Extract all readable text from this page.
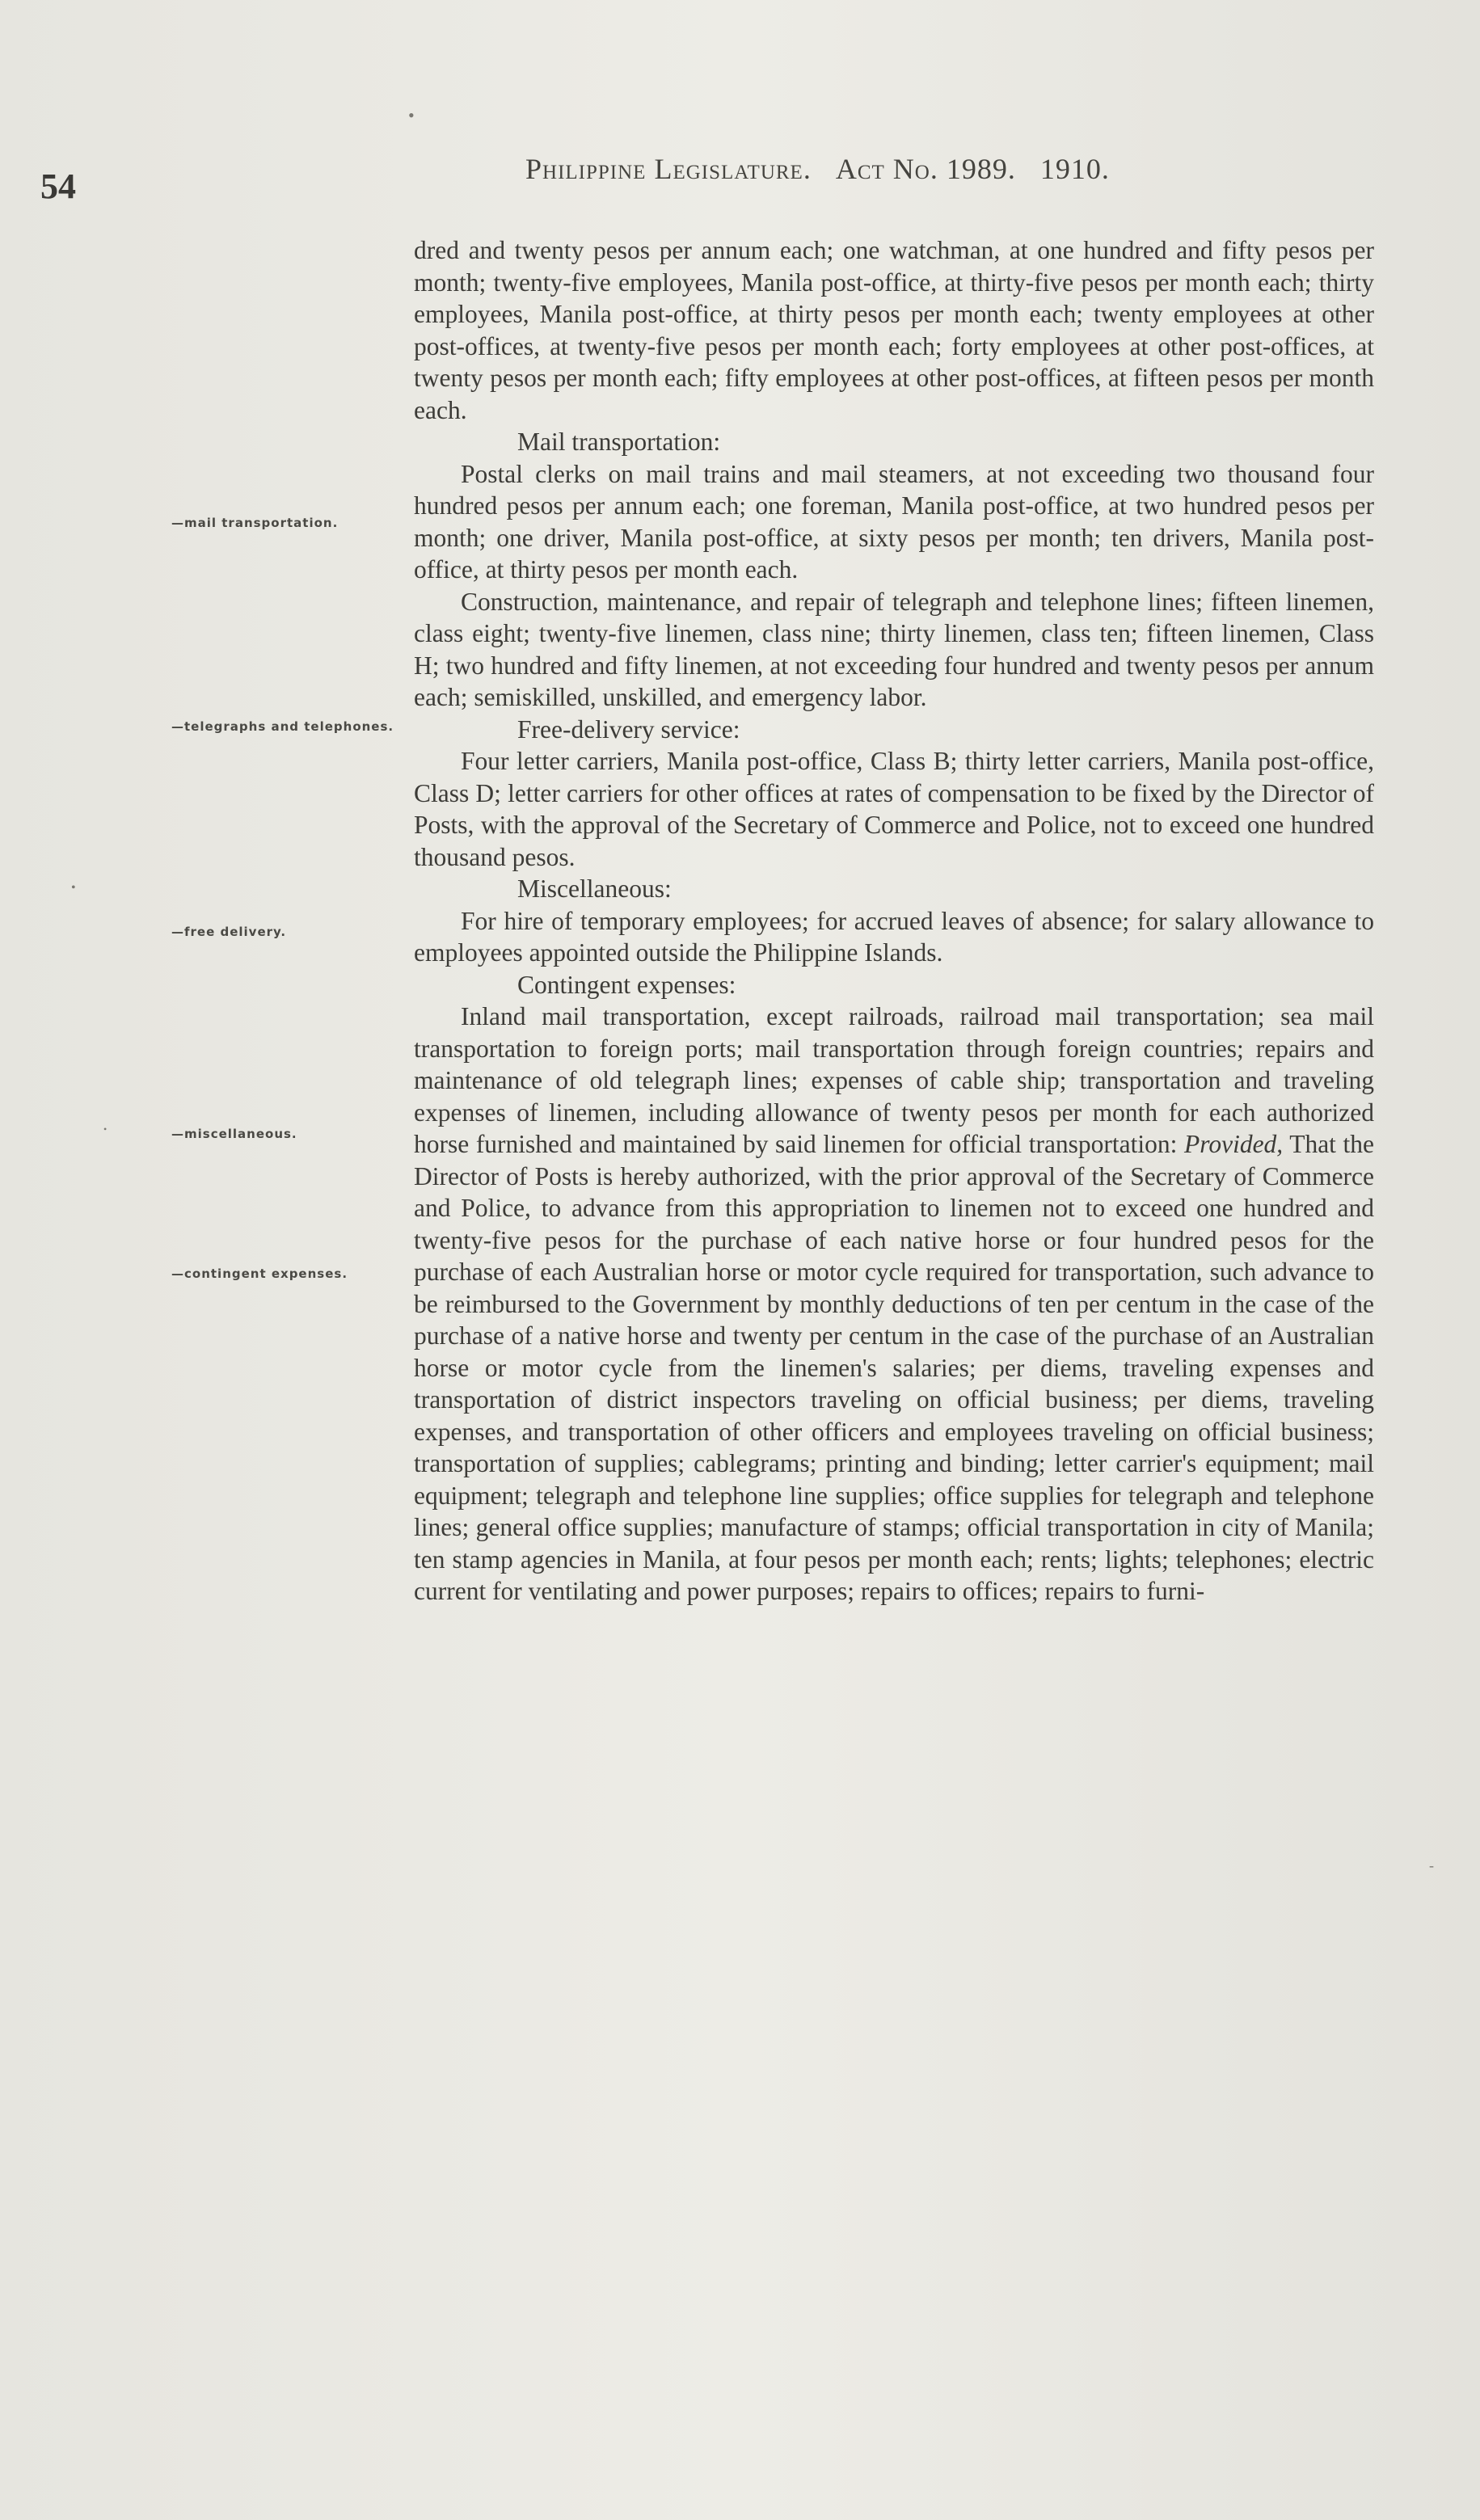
•
•
•
-
54	Philippine Legislature. Act No. 1989. 1910.
—mail transportation.
—telegraphs and telephones.
—free delivery.
—miscellaneous.
—contingent expenses.

dred and twenty pesos per annum each; one watchman, at one hundred and fifty pesos per month; twenty-five employees, Manila post-office, at thirty-five pesos per month each; thirty employees, Manila post-office, at thirty pesos per month each; twenty employees at other post-offices, at twenty-five pesos per month each; forty employees at other post-offices, at twenty pesos per month each; fifty employees at other post-offices, at fifteen pesos per month each.

Mail transportation:

Postal clerks on mail trains and mail steamers, at not exceeding two thousand four hundred pesos per annum each; one foreman, Manila post-office, at two hundred pesos per month; one driver, Manila post-office, at sixty pesos per month; ten drivers, Manila post-office, at thirty pesos per month each.

Construction, maintenance, and repair of telegraph and telephone lines; fifteen linemen, class eight; twenty-five linemen, class nine; thirty linemen, class ten; fifteen linemen, Class H; two hundred and fifty linemen, at not exceeding four hundred and twenty pesos per annum each; semiskilled, unskilled, and emergency labor.

Free-delivery service:

Four letter carriers, Manila post-office, Class B; thirty letter carriers, Manila post-office, Class D; letter carriers for other offices at rates of compensation to be fixed by the Director of Posts, with the approval of the Secretary of Commerce and Police, not to exceed one hundred thousand pesos.

Miscellaneous:

For hire of temporary employees; for accrued leaves of absence; for salary allowance to employees appointed outside the Philippine Islands.

Contingent expenses:

Inland mail transportation, except railroads, railroad mail transportation; sea mail transportation to foreign ports; mail transportation through foreign countries; repairs and maintenance of old telegraph lines; expenses of cable ship; transportation and traveling expenses of linemen, including allowance of twenty pesos per month for each authorized horse furnished and maintained by said linemen for official transportation: Provided, That the Director of Posts is hereby authorized, with the prior approval of the Secretary of Commerce and Police, to advance from this appropriation to linemen not to exceed one hundred and twenty-five pesos for the purchase of each native horse or four hundred pesos for the purchase of each Australian horse or motor cycle required for transportation, such advance to be reimbursed to the Government by monthly deductions of ten per centum in the case of the purchase of a native horse and twenty per centum in the case of the purchase of an Australian horse or motor cycle from the linemen's salaries; per diems, traveling expenses and transportation of district inspectors traveling on official business; per diems, traveling expenses, and transportation of other officers and employees traveling on official business; transportation of supplies; cablegrams; printing and binding; letter carrier's equipment; mail equipment; telegraph and telephone line supplies; office supplies for telegraph and telephone lines; general office supplies; manufacture of stamps; official transportation in city of Manila; ten stamp agencies in Manila, at four pesos per month each; rents; lights; telephones; electric current for ventilating and power purposes; repairs to offices; repairs to furni-
